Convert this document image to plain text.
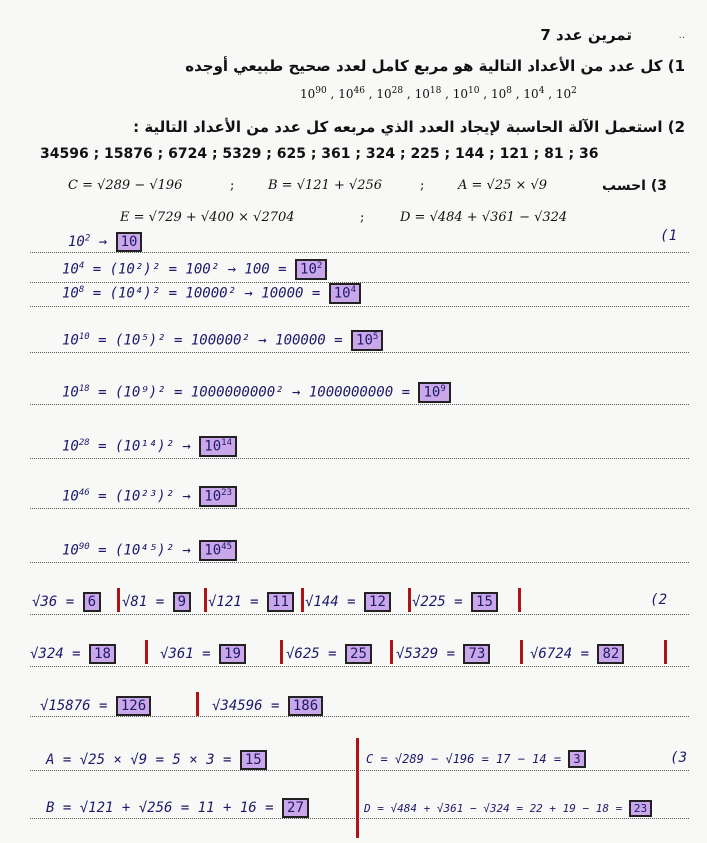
تمرين عدد 7	..
1) كل عدد من الأعداد التالية هو مربع كامل لعدد صحيح طبيعي أوجده
$10^{90}$ , $10^{46}$ , $10^{28}$ , $10^{18}$ , $10^{10}$ , $10^8$ , $10^4$ , $10^2$
2) استعمل الآلة الحاسبة لإيجاد العدد الذي مربعه كل عدد من الأعداد التالية :
34596 ; 15876 ; 6724 ; 5329 ; 625 ; 361 ; 324 ; 225 ; 144 ; 121 ; 81 ; 36
3) احسب
A = √25 × √9
;
B = √121 + √256
;
C = √289 − √196
D = √484 + √361 − √324
;
E = √729 + √400 × √2704
(1
$10^2 \to 10$
$10^4 = (10^2)^2 = 100^2 \to 100 = 10^2$
$10^8 = (10^4)^2 = 10000^2 \to 10000 = 10^4$
$10^{10} = (10^5)^2 = 100000^2 \to 100000 = 10^5$
$10^{18} = (10^9)^2 = 1000000000^2 \to 1000000000 = 10^9$
$10^{28} = (10^{14})^2 \to 10^{14}$
$10^{46} = (10^{23})^2 \to 10^{23}$
$10^{90} = (10^{45})^2 \to 10^{45}$
(2
√36 = 6	√81 = 9	√121 = 11	√144 = 12	√225 = 15
√324 = 18	√361 = 19	√625 = 25	√5329 = 73	√6724 = 82
√15876 = 126	√34596 = 186
A = √25 × √9 = 5 × 3 = 15	C = √289 − √196 = 17 − 14 = 3	(3
B = √121 + √256 = 11 + 16 = 27	D = √484 + √361 − √324 = 22 + 19 − 18 = 23
